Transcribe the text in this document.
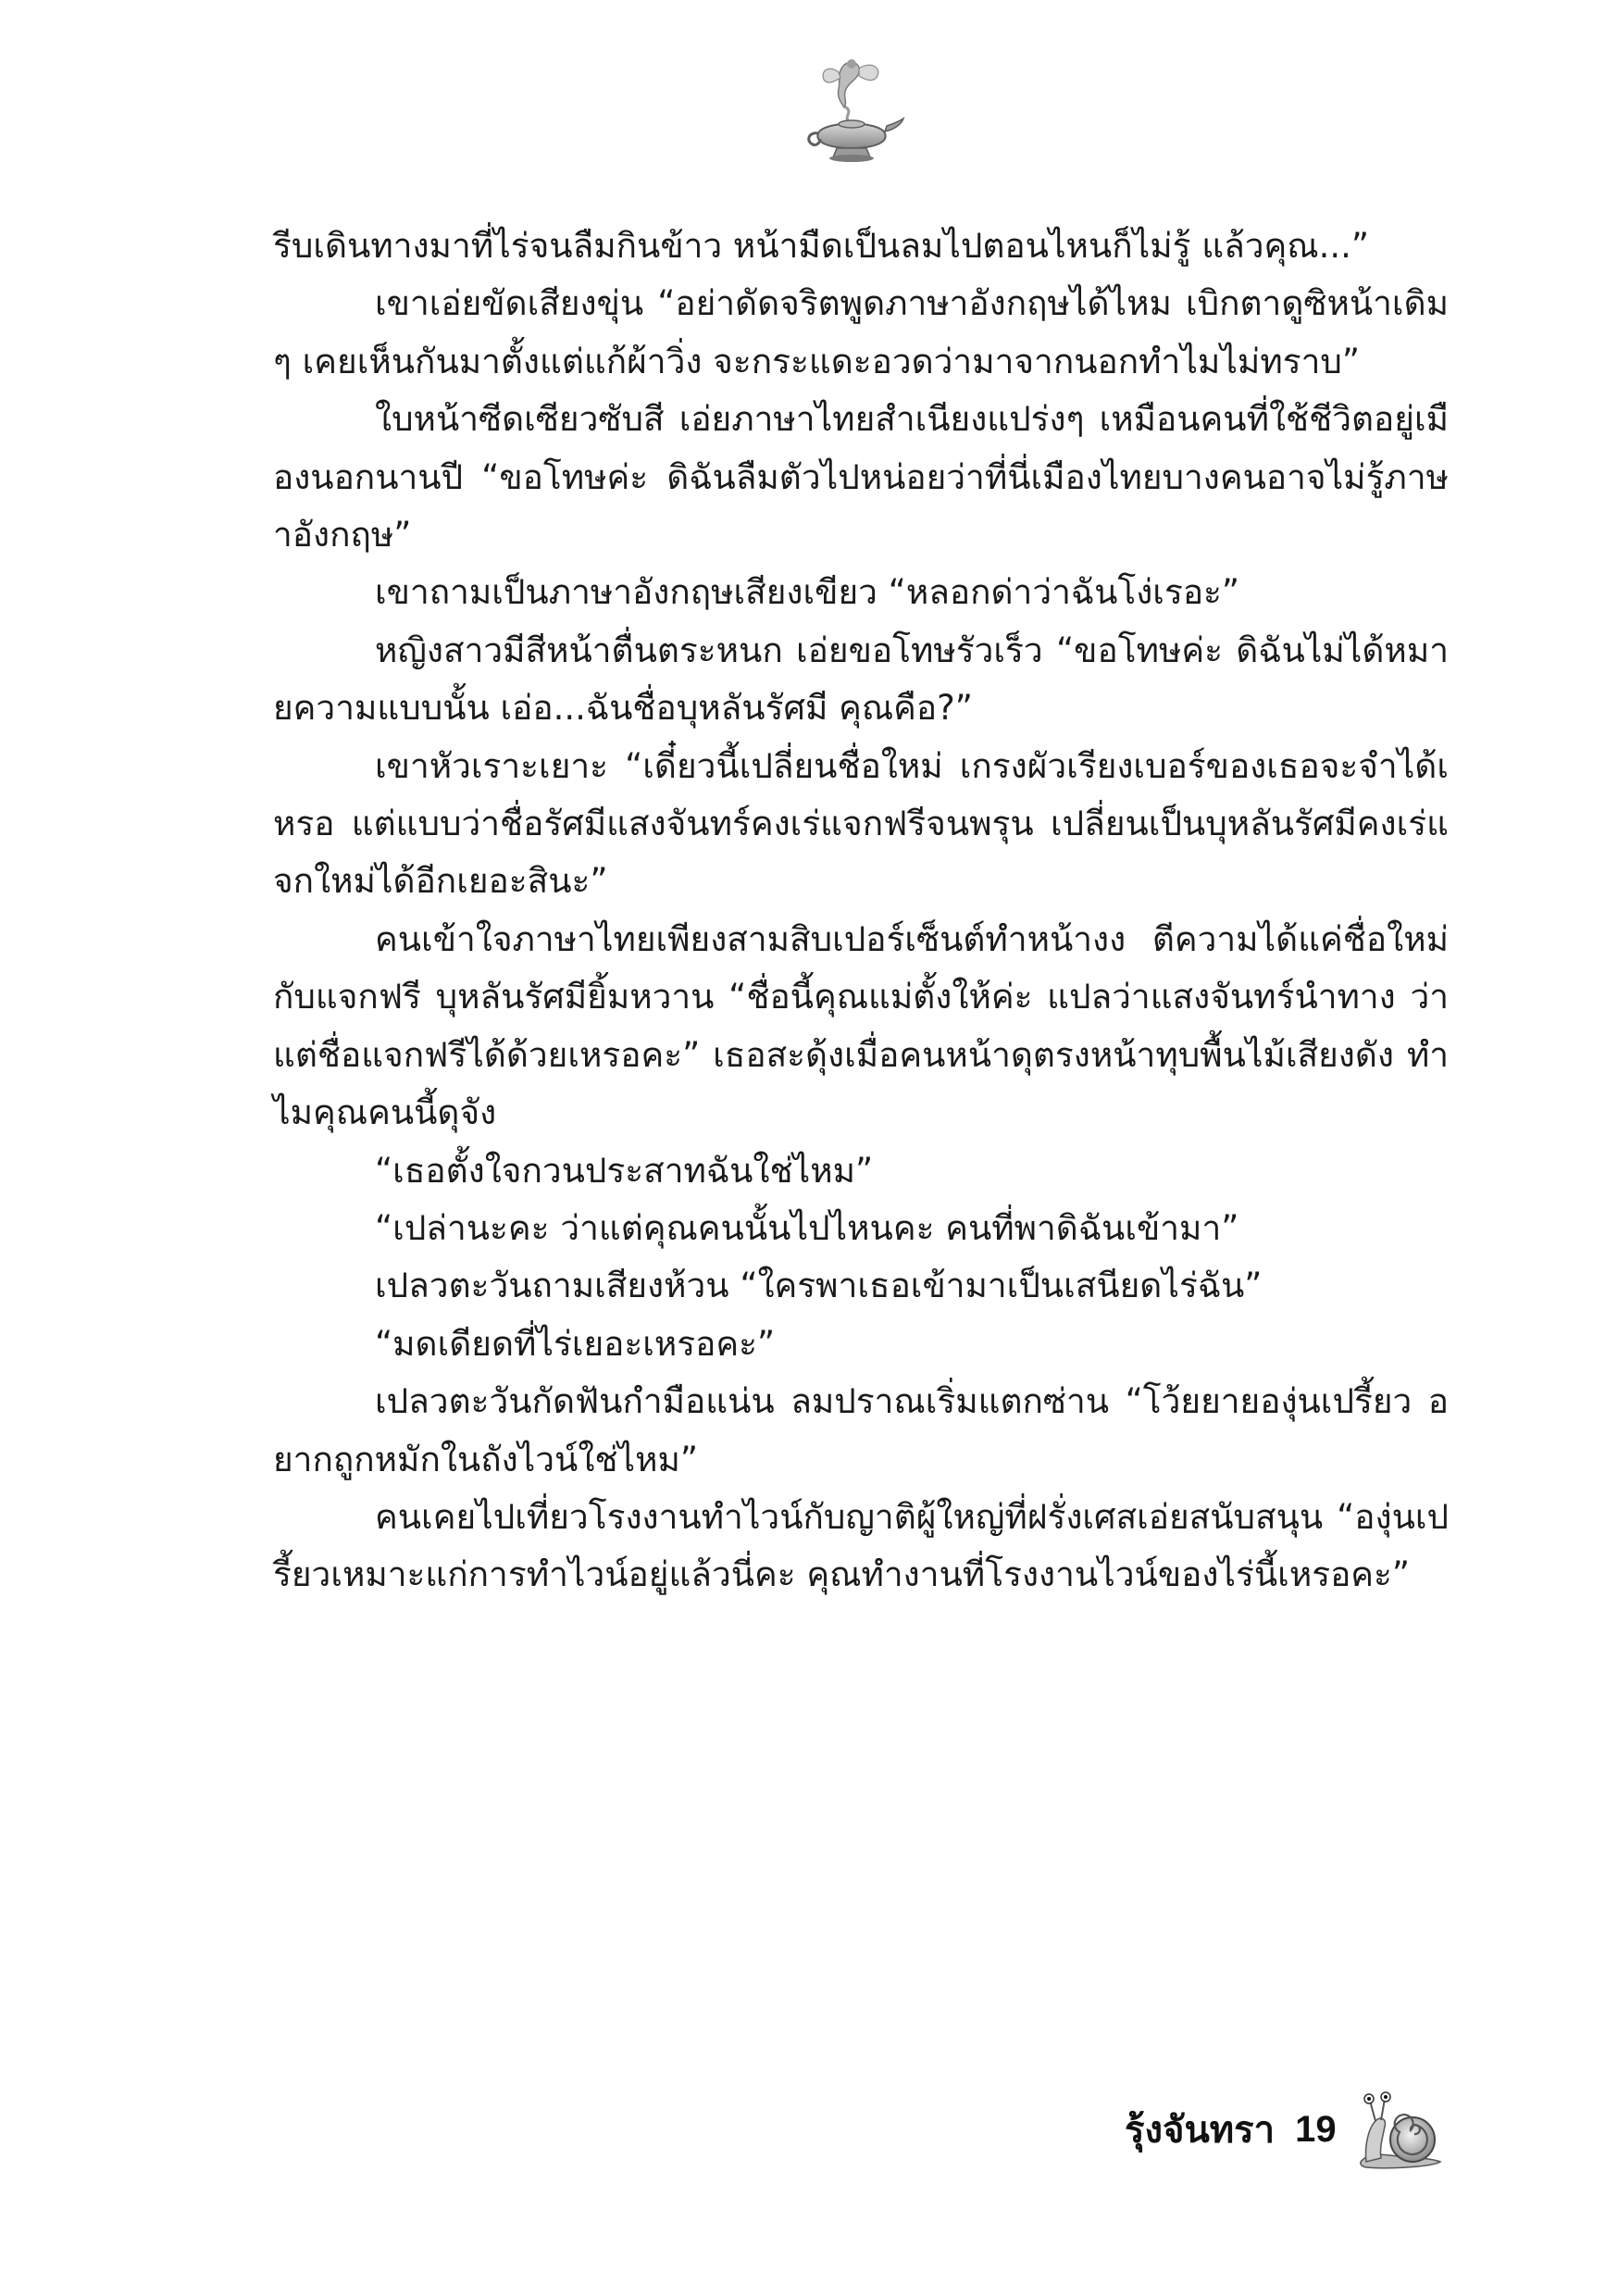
รีบเดินทางมาที่ไร่จนลืมกินข้าว หน้ามืดเป็นลมไปตอนไหนก็ไม่รู้ แล้วคุณ...”

เขาเอ่ยขัดเสียงขุ่น “อย่าดัดจริตพูดภาษาอังกฤษได้ไหม เบิกตาดูซิหน้าเดิมๆ เคยเห็นกันมาตั้งแต่แก้ผ้าวิ่ง จะกระแดะอวดว่ามาจากนอกทำไมไม่ทราบ”

ใบหน้าซีดเซียวซับสี เอ่ยภาษาไทยสำเนียงแปร่งๆ เหมือนคนที่ใช้ชีวิตอยู่เมืองนอกนานปี “ขอโทษค่ะ ดิฉันลืมตัวไปหน่อยว่าที่นี่เมืองไทยบางคนอาจไม่รู้ภาษาอังกฤษ”

เขาถามเป็นภาษาอังกฤษเสียงเขียว “หลอกด่าว่าฉันโง่เรอะ”

หญิงสาวมีสีหน้าตื่นตระหนก เอ่ยขอโทษรัวเร็ว “ขอโทษค่ะ ดิฉันไม่ได้หมายความแบบนั้น เอ่อ...ฉันชื่อบุหลันรัศมี คุณคือ?”

เขาหัวเราะเยาะ “เดี๋ยวนี้เปลี่ยนชื่อใหม่ เกรงผัวเรียงเบอร์ของเธอจะจำได้เหรอ แต่แบบว่าชื่อรัศมีแสงจันทร์คงเร่แจกฟรีจนพรุน เปลี่ยนเป็นบุหลันรัศมีคงเร่แจกใหม่ได้อีกเยอะสินะ”

คนเข้าใจภาษาไทยเพียงสามสิบเปอร์เซ็นต์ทำหน้างง ตีความได้แค่ชื่อใหม่กับแจกฟรี บุหลันรัศมียิ้มหวาน “ชื่อนี้คุณแม่ตั้งให้ค่ะ แปลว่าแสงจันทร์นำทาง ว่าแต่ชื่อแจกฟรีได้ด้วยเหรอคะ” เธอสะดุ้งเมื่อคนหน้าดุตรงหน้าทุบพื้นไม้เสียงดัง ทำไมคุณคนนี้ดุจัง

“เธอตั้งใจกวนประสาทฉันใช่ไหม”

“เปล่านะคะ ว่าแต่คุณคนนั้นไปไหนคะ คนที่พาดิฉันเข้ามา”

เปลวตะวันถามเสียงห้วน “ใครพาเธอเข้ามาเป็นเสนียดไร่ฉัน”

“มดเดียดที่ไร่เยอะเหรอคะ”

เปลวตะวันกัดฟันกำมือแน่น ลมปราณเริ่มแตกซ่าน “โว้ยยายองุ่นเปรี้ยว อยากถูกหมักในถังไวน์ใช่ไหม”

คนเคยไปเที่ยวโรงงานทำไวน์กับญาติผู้ใหญ่ที่ฝรั่งเศสเอ่ยสนับสนุน “องุ่นเปรี้ยวเหมาะแก่การทำไวน์อยู่แล้วนี่คะ คุณทำงานที่โรงงานไวน์ของไร่นี้เหรอคะ”

รุ้งจันทรา 19
